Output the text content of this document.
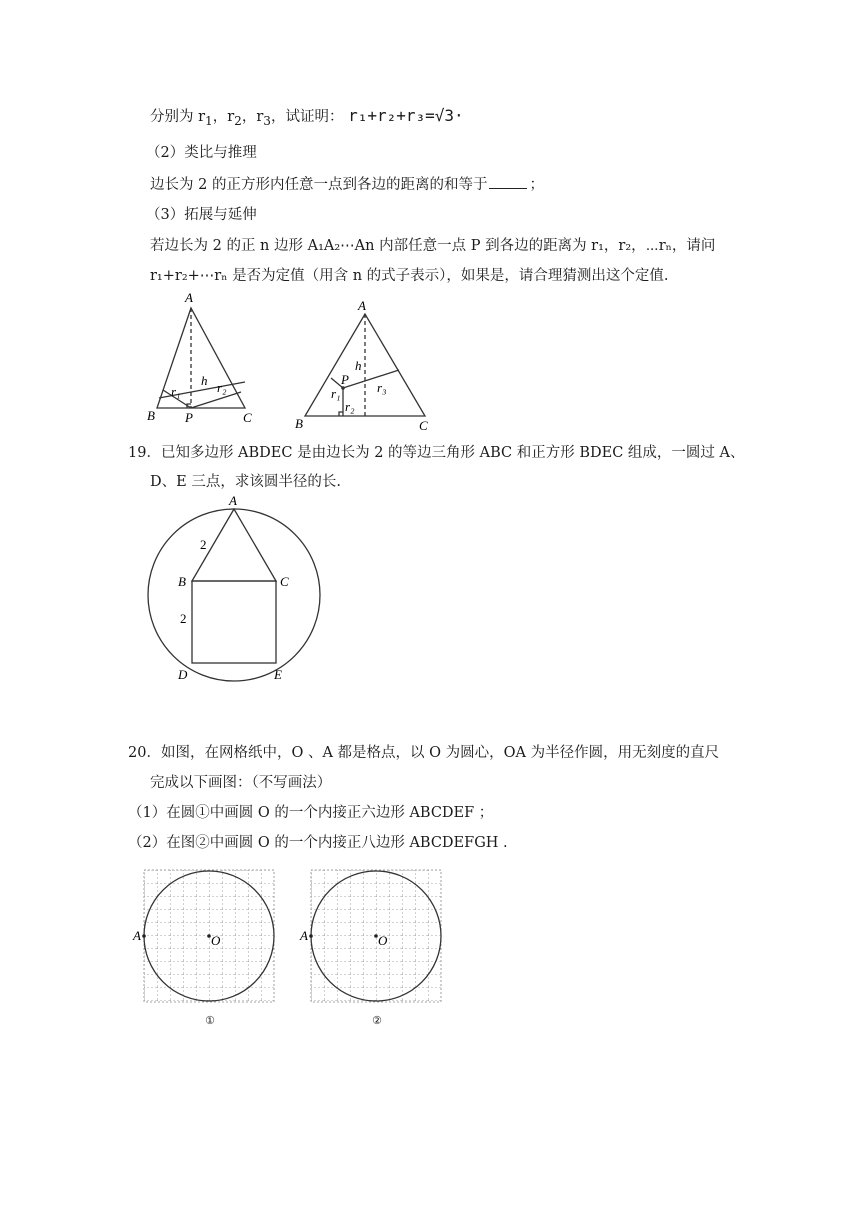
分别为 $r_1$，$r_2$，$r_3$，试证明： r₁+r₂+r₃=√3·
（2）类比与推理
边长为 2 的正方形内任意一点到各边的距离的和等于	；
（3）拓展与延伸
若边长为 2 的正 n 边形 A₁A₂⋯An 内部任意一点 P 到各边的距离为 r₁，r₂，⋯rₙ，请问
r₁+r₂+⋯rₙ 是否为定值（用含 n 的式子表示），如果是，请合理猜测出这个定值.
A
B	C
P
h
r₁	r₂
A
B	C
P
h
r₁
r₂
r₃
19．已知多边形 ABDEC 是由边长为 2 的等边三角形 ABC 和正方形 BDEC 组成，一圆过 A、
D、E 三点，求该圆半径的长.
A
B	C
D	E
2
2
20．如图，在网格纸中，O 、A 都是格点，以 O 为圆心，OA 为半径作圆，用无刻度的直尺
完成以下画图：（不写画法）
（1）在圆①中画圆 O 的一个内接正六边形 ABCDEF ；
（2）在图②中画圆 O 的一个内接正八边形 ABCDEFGH .
A	O
①
A	O
②
